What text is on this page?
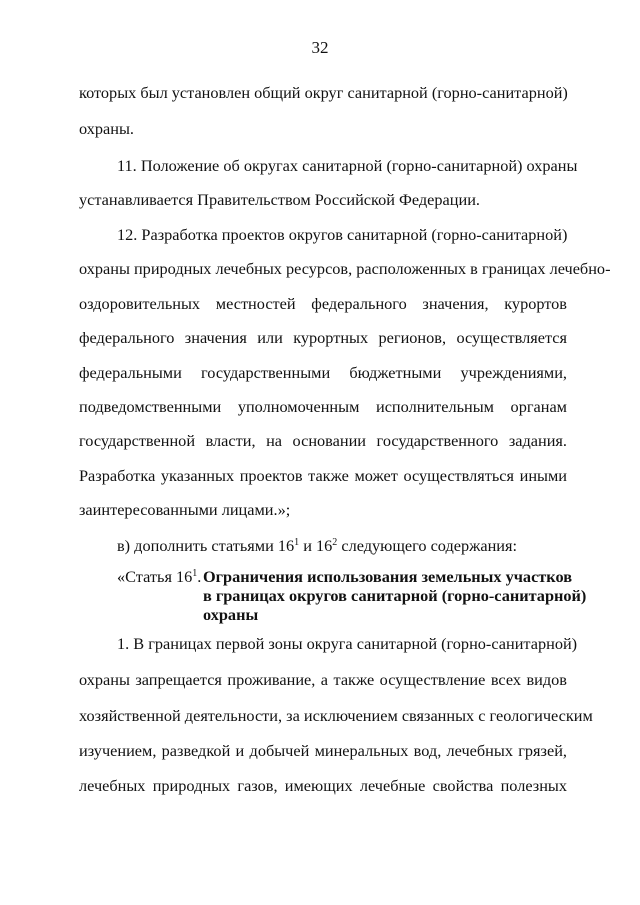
32
которых был установлен общий округ санитарной (горно-санитарной)
охраны.
11. Положение об округах санитарной (горно-санитарной) охраны
устанавливается Правительством Российской Федерации.
12. Разработка проектов округов санитарной (горно-санитарной)
охраны природных лечебных ресурсов, расположенных в границах лечебно-
оздоровительных местностей федерального значения, курортов
федерального значения или курортных регионов, осуществляется
федеральными государственными бюджетными учреждениями,
подведомственными уполномоченным исполнительным органам
государственной власти, на основании государственного задания.
Разработка указанных проектов также может осуществляться иными
заинтересованными лицами.»;
в) дополнить статьями $16^1$ и $16^2$ следующего содержания:
«Статья $16^1$. Ограничения использования земельных участков
в границах округов санитарной (горно-санитарной)
охраны
1. В границах первой зоны округа санитарной (горно-санитарной)
охраны запрещается проживание, а также осуществление всех видов
хозяйственной деятельности, за исключением связанных с геологическим
изучением, разведкой и добычей минеральных вод, лечебных грязей,
лечебных природных газов, имеющих лечебные свойства полезных
